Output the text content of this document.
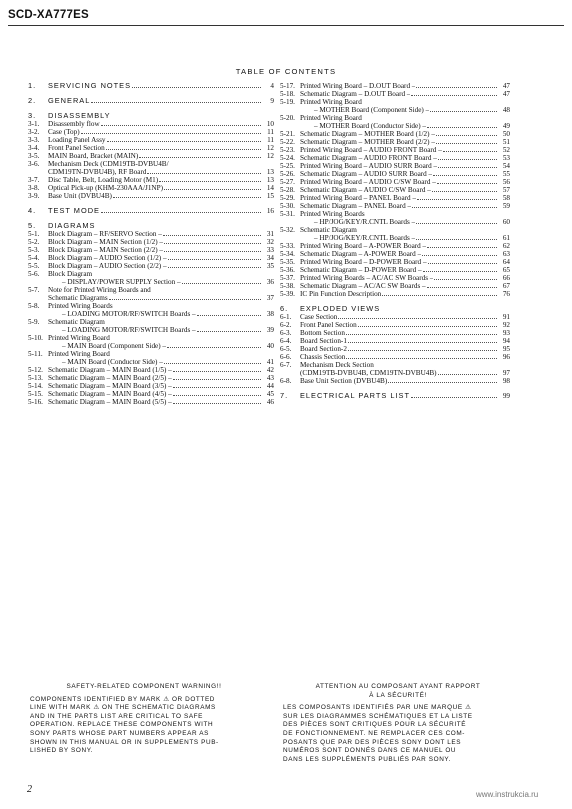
SCD-XA777ES
TABLE OF CONTENTS
1.	SERVICING NOTES	4
2.	GENERAL	9
3.	DISASSEMBLY
3-1.	Disassembly flow	10
3-2.	Case (Top)	11
3-3.	Loading Panel Assy	11
3-4.	Front Panel Section	12
3-5.	MAIN Board, Bracket (MAIN)	12
3-6.	Mechanism Deck (CDM19TB-DVBU4B/
CDM19TN-DVBU4B), RF Board	13
3-7.	Disc Table, Belt, Loading Motor (M1)	13
3-8.	Optical Pick-up (KHM-230AAA/J1NP)	14
3-9.	Base Unit (DVBU4B)	15
4.	TEST MODE	16
5.	DIAGRAMS
5-1.	Block Diagram – RF/SERVO Section –	31
5-2.	Block Diagram – MAIN Section (1/2) –	32
5-3.	Block Diagram – MAIN Section (2/2) –	33
5-4.	Block Diagram – AUDIO Section (1/2) –	34
5-5.	Block Diagram – AUDIO Section (2/2) –	35
5-6.	Block Diagram
– DISPLAY/POWER SUPPLY Section –	36
5-7.	Note for Printed Wiring Boards and
Schematic Diagrams	37
5-8.	Printed Wiring Boards
– LOADING MOTOR/RF/SWITCH Boards –	38
5-9.	Schematic Diagram
– LOADING MOTOR/RF/SWITCH Boards –	39
5-10. Printed Wiring Board
– MAIN Board (Component Side) –	40
5-11. Printed Wiring Board
– MAIN Board (Conductor Side) –	41
5-12. Schematic Diagram – MAIN Board (1/5) –	42
5-13. Schematic Diagram – MAIN Board (2/5) –	43
5-14. Schematic Diagram – MAIN Board (3/5) –	44
5-15. Schematic Diagram – MAIN Board (4/5) –	45
5-16. Schematic Diagram – MAIN Board (5/5) –	46
5-17. Printed Wiring Board – D.OUT Board –	47
5-18. Schematic Diagram – D.OUT Board –	47
5-19. Printed Wiring Board
– MOTHER Board (Component Side) –	48
5-20. Printed Wiring Board
– MOTHER Board (Conductor Side) –	49
5-21. Schematic Diagram – MOTHER Board (1/2) –	50
5-22. Schematic Diagram – MOTHER Board (2/2) –	51
5-23. Printed Wiring Board – AUDIO FRONT Board –	52
5-24. Schematic Diagram – AUDIO FRONT Board –	53
5-25. Printed Wiring Board – AUDIO SURR Board –	54
5-26. Schematic Diagram – AUDIO SURR Board –	55
5-27. Printed Wiring Board – AUDIO C/SW Board –	56
5-28. Schematic Diagram – AUDIO C/SW Board –	57
5-29. Printed Wiring Board – PANEL Board –	58
5-30. Schematic Diagram – PANEL Board –	59
5-31. Printed Wiring Boards
– HP/JOG/KEY/R.CNTL Boards –	60
5-32. Schematic Diagram
– HP/JOG/KEY/R.CNTL Boards –	61
5-33. Printed Wiring Board – A-POWER Board –	62
5-34. Schematic Diagram – A-POWER Board –	63
5-35. Printed Wiring Board – D-POWER Board –	64
5-36. Schematic Diagram – D-POWER Board –	65
5-37. Printed Wiring Boards – AC/AC SW Boards –	66
5-38. Schematic Diagram – AC/AC SW Boards –	67
5-39. IC Pin Function Description	76
6.	EXPLODED VIEWS
6-1.	Case Section	91
6-2.	Front Panel Section	92
6-3.	Bottom Section	93
6-4.	Board Section-1	94
6-5.	Board Section-2	95
6-6.	Chassis Section	96
6-7.	Mechanism Deck Section
(CDM19TB-DVBU4B, CDM19TN-DVBU4B)	97
6-8.	Base Unit Section (DVBU4B)	98
7.	ELECTRICAL PARTS LIST	99
SAFETY-RELATED COMPONENT WARNING!!
COMPONENTS IDENTIFIED BY MARK ⚠ OR DOTTED
LINE WITH MARK ⚠ ON THE SCHEMATIC DIAGRAMS
AND IN THE PARTS LIST ARE CRITICAL TO SAFE
OPERATION. REPLACE THESE COMPONENTS WITH
SONY PARTS WHOSE PART NUMBERS APPEAR AS
SHOWN IN THIS MANUAL OR IN SUPPLEMENTS PUB-
LISHED BY SONY.
ATTENTION AU COMPOSANT AYANT RAPPORT
À LA SÉCURITÉ!
LES COMPOSANTS IDENTIFIÉS PAR UNE MARQUE ⚠
SUR LES DIAGRAMMES SCHÉMATIQUES ET LA LISTE
DES PIÈCES SONT CRITIQUES POUR LA SÉCURITÉ
DE FONCTIONNEMENT. NE REMPLACER CES COM-
POSANTS QUE PAR DES PIÈCES SONY DONT LES
NUMÉROS SONT DONNÉS DANS CE MANUEL OU
DANS LES SUPPLÉMENTS PUBLIÉS PAR SONY.
2	www.instrukcia.ru
